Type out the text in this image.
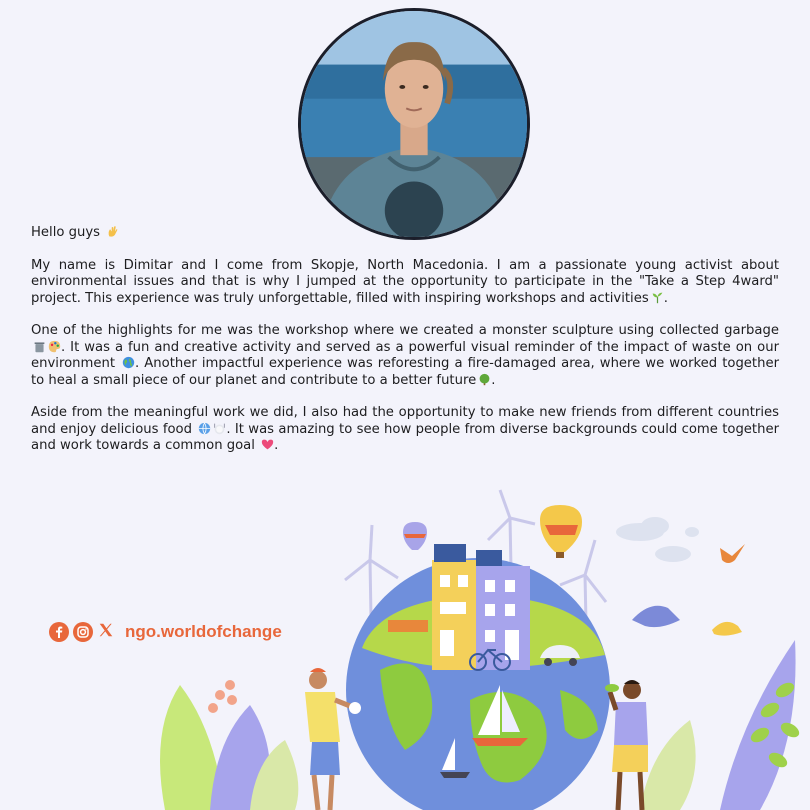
Hello guys

My name is Dimitar and I come from Skopje, North Macedonia. I am a passionate young activist about environmental issues and that is why I jumped at the opportunity to participate in the "Take a Step 4ward" project. This experience was truly unforgettable, filled with inspiring workshops and activities .

One of the highlights for me was the workshop where we created a monster sculpture using collected garbage . It was a fun and creative activity and served as a powerful visual reminder of the impact of waste on our environment . Another impactful experience was reforesting a fire-damaged area, where we worked together to heal a small piece of our planet and contribute to a better future .

Aside from the meaningful work we did, I also had the opportunity to make new friends from different countries and enjoy delicious food	. It was amazing to see how people from diverse backgrounds could come together and work towards a common goal .

ngo.worldofchange
